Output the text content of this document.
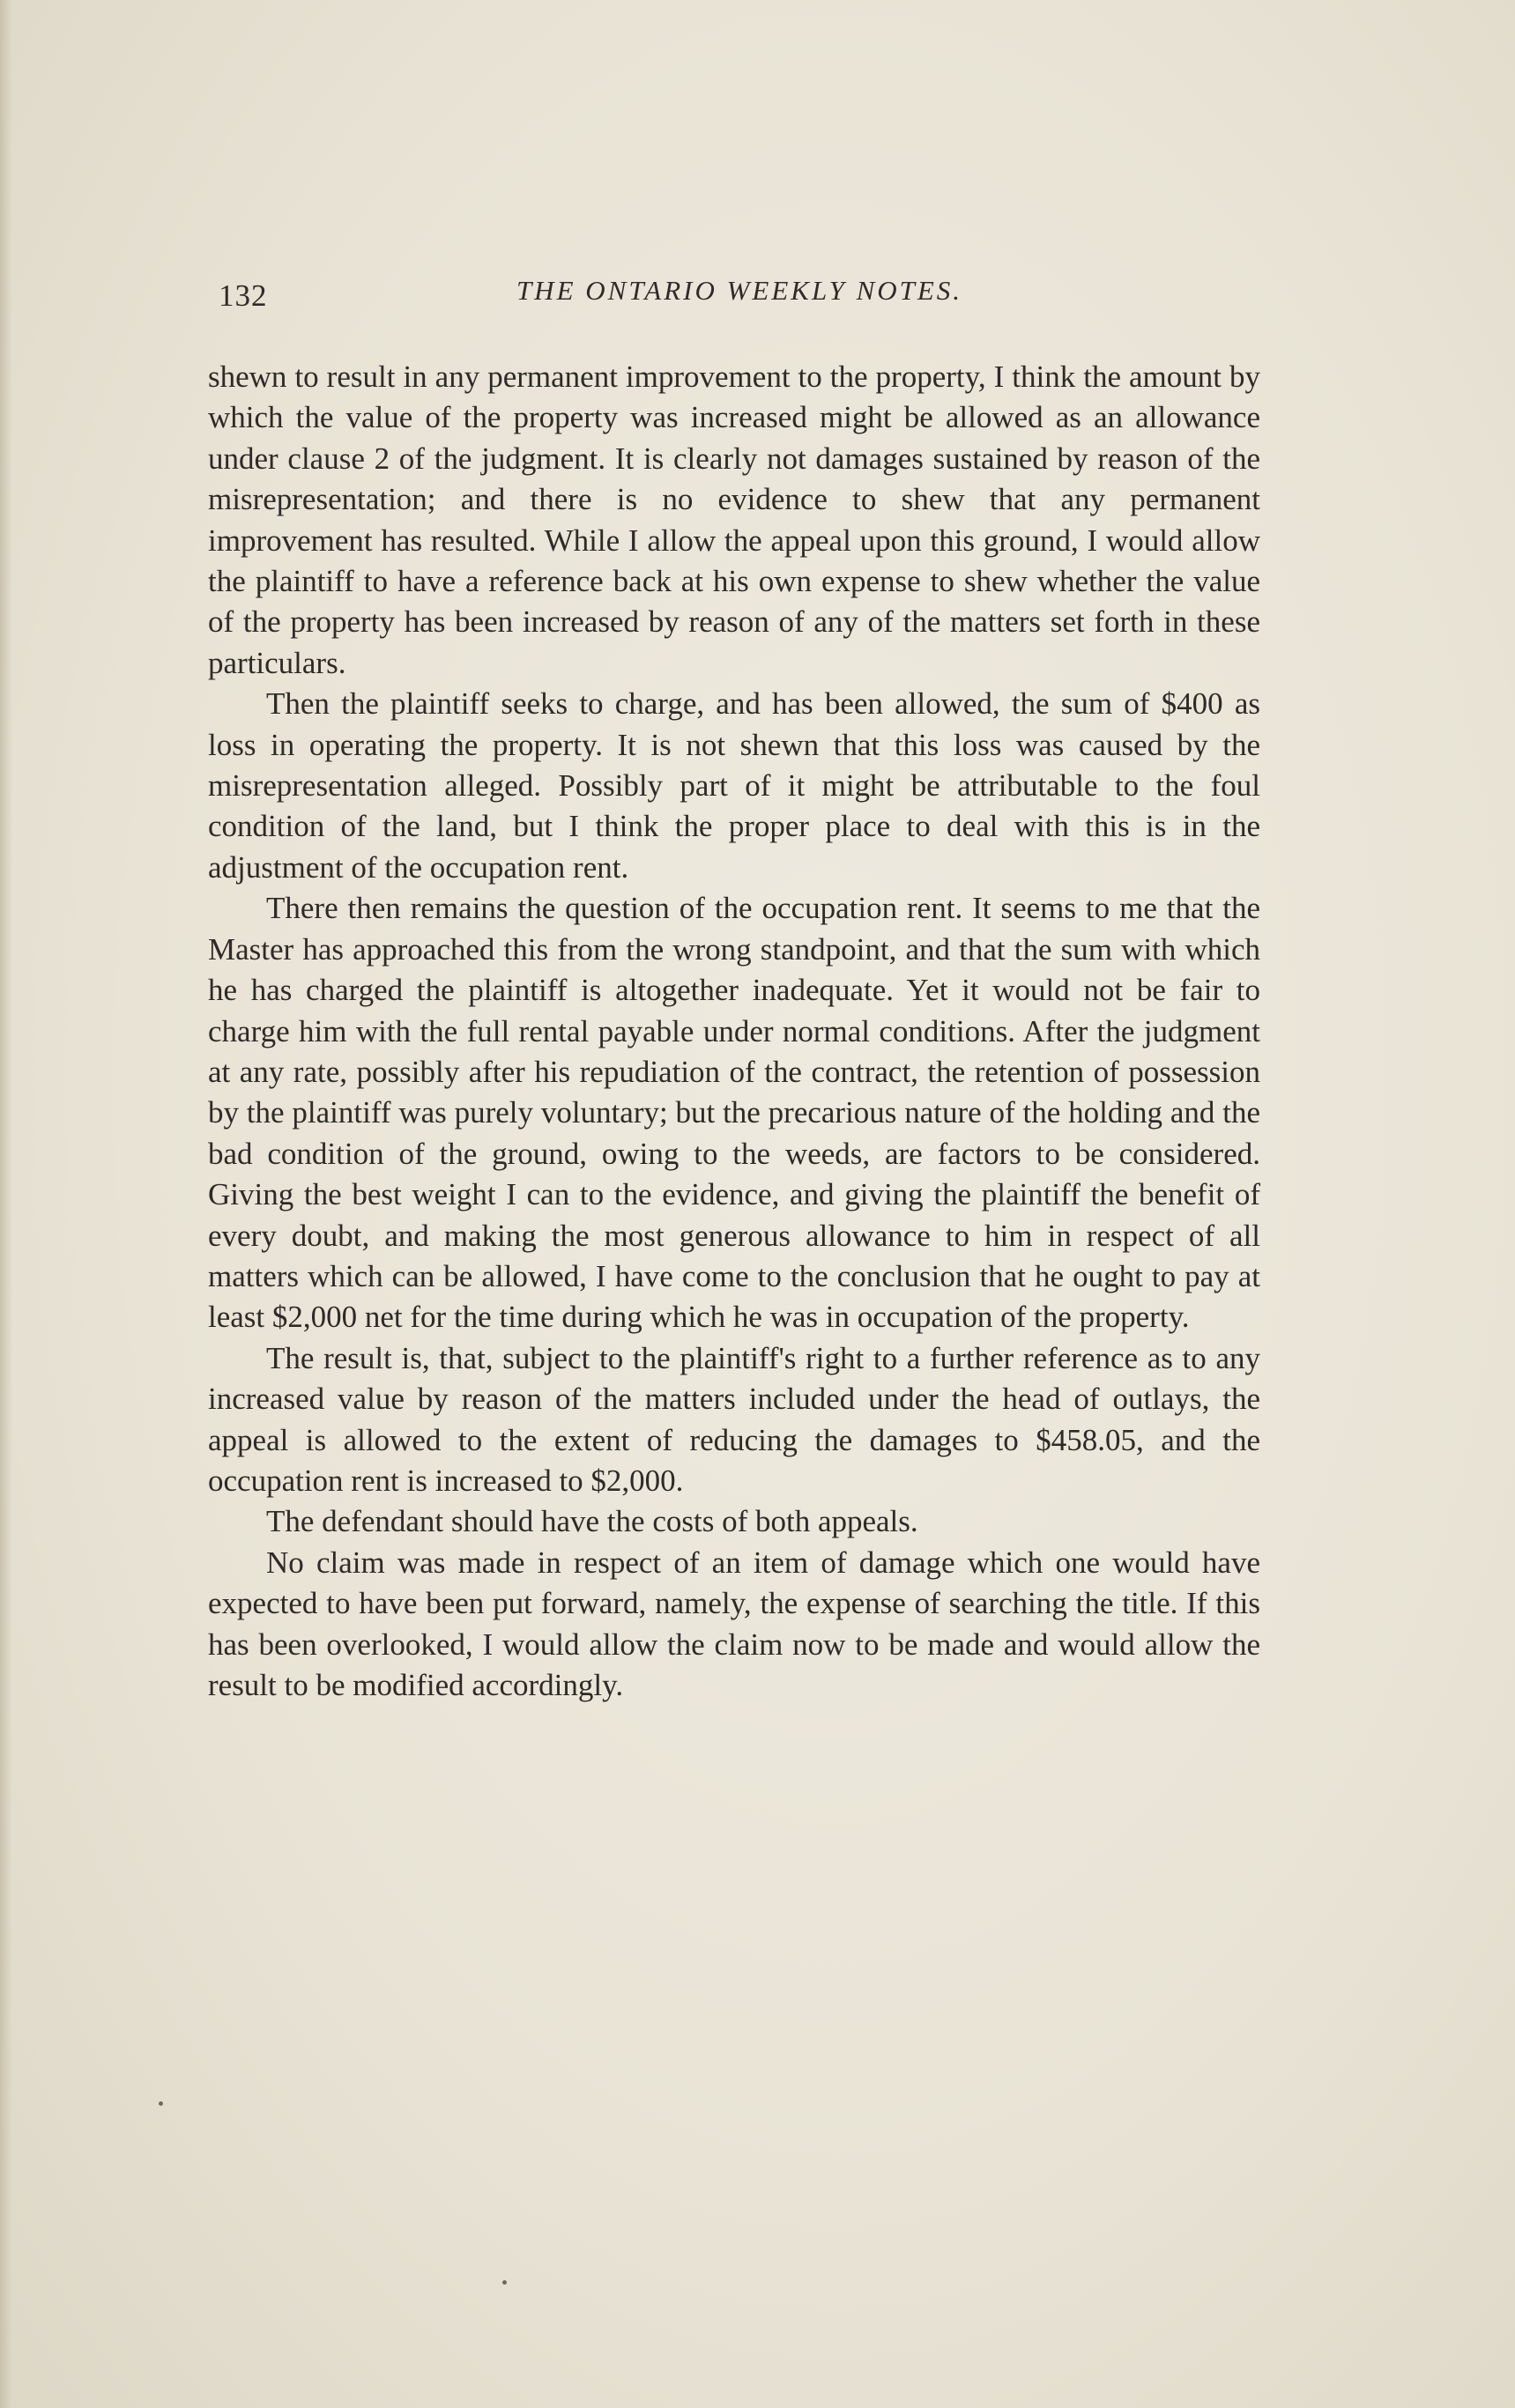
132	THE ONTARIO WEEKLY NOTES.

shewn to result in any permanent improvement to the property, I think the amount by which the value of the property was increased might be allowed as an allowance under clause 2 of the judgment. It is clearly not damages sustained by reason of the misrepresentation; and there is no evidence to shew that any permanent improvement has resulted. While I allow the appeal upon this ground, I would allow the plaintiff to have a reference back at his own expense to shew whether the value of the property has been increased by reason of any of the matters set forth in these particulars.

Then the plaintiff seeks to charge, and has been allowed, the sum of $400 as loss in operating the property. It is not shewn that this loss was caused by the misrepresentation alleged. Possibly part of it might be attributable to the foul condition of the land, but I think the proper place to deal with this is in the adjustment of the occupation rent.

There then remains the question of the occupation rent. It seems to me that the Master has approached this from the wrong standpoint, and that the sum with which he has charged the plaintiff is altogether inadequate. Yet it would not be fair to charge him with the full rental payable under normal conditions. After the judgment at any rate, possibly after his repudiation of the contract, the retention of possession by the plaintiff was purely voluntary; but the precarious nature of the holding and the bad condition of the ground, owing to the weeds, are factors to be considered. Giving the best weight I can to the evidence, and giving the plaintiff the benefit of every doubt, and making the most generous allowance to him in respect of all matters which can be allowed, I have come to the conclusion that he ought to pay at least $2,000 net for the time during which he was in occupation of the property.

The result is, that, subject to the plaintiff's right to a further reference as to any increased value by reason of the matters included under the head of outlays, the appeal is allowed to the extent of reducing the damages to $458.05, and the occupation rent is increased to $2,000.

The defendant should have the costs of both appeals.

No claim was made in respect of an item of damage which one would have expected to have been put forward, namely, the expense of searching the title. If this has been overlooked, I would allow the claim now to be made and would allow the result to be modified accordingly.
